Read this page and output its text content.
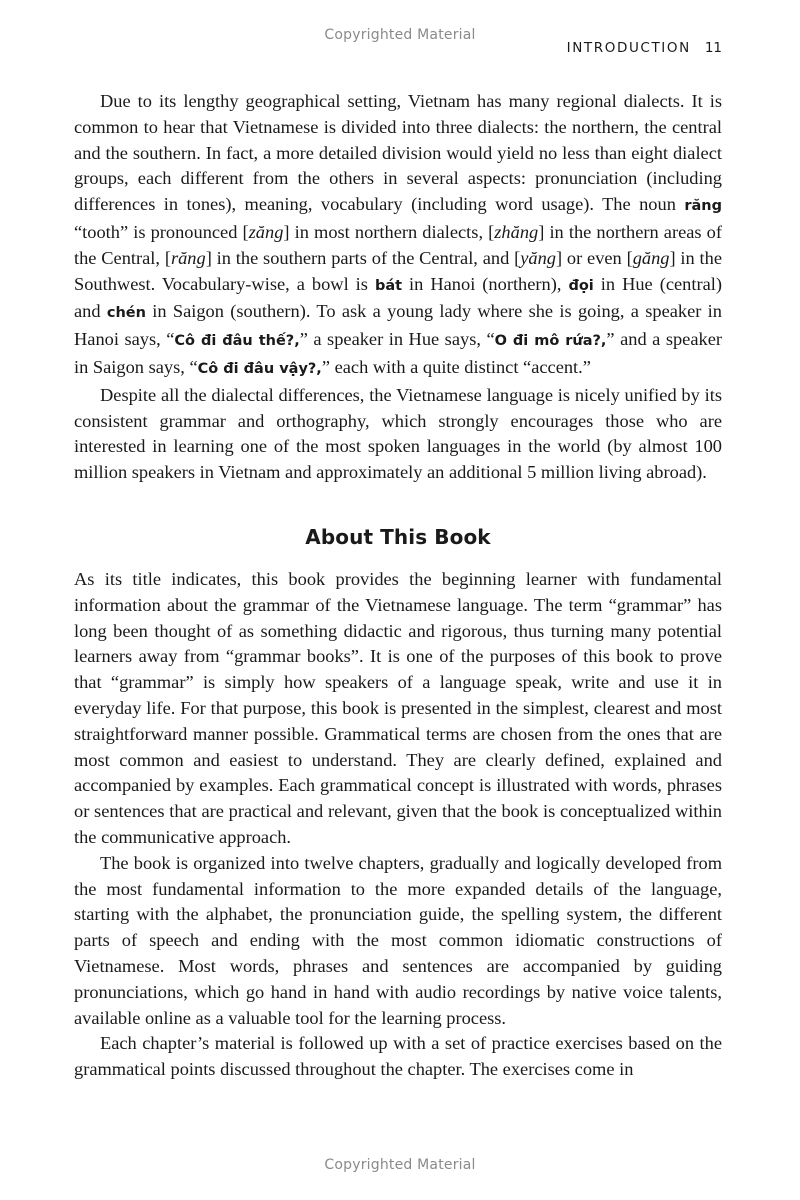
Copyrighted Material
INTRODUCTION 11

Due to its lengthy geographical setting, Vietnam has many regional dialects. It is common to hear that Vietnamese is divided into three dialects: the northern, the central and the southern. In fact, a more detailed division would yield no less than eight dialect groups, each different from the others in several aspects: pronunciation (including differences in tones), meaning, vocabulary (including word usage). The noun răng “tooth” is pronounced [zăng] in most northern dialects, [zhăng] in the northern areas of the Central, [răng] in the southern parts of the Central, and [yăng] or even [găng] in the Southwest. Vocabulary-wise, a bowl is bát in Hanoi (northern), đọi in Hue (central) and chén in Saigon (southern). To ask a young lady where she is going, a speaker in Hanoi says, “Cô đi đâu thế?,” a speaker in Hue says, “O đi mô rứa?,” and a speaker in Saigon says, “Cô đi đâu vậy?,” each with a quite distinct “accent.”

Despite all the dialectal differences, the Vietnamese language is nicely unified by its consistent grammar and orthography, which strongly encourages those who are interested in learning one of the most spoken languages in the world (by almost 100 million speakers in Vietnam and approximately an additional 5 million living abroad).

About This Book

As its title indicates, this book provides the beginning learner with fundamental information about the grammar of the Vietnamese language. The term “grammar” has long been thought of as something didactic and rigorous, thus turning many potential learners away from “grammar books”. It is one of the purposes of this book to prove that “grammar” is simply how speakers of a language speak, write and use it in everyday life. For that purpose, this book is presented in the simplest, clearest and most straightforward manner possible. Grammatical terms are chosen from the ones that are most common and easiest to understand. They are clearly defined, explained and accompanied by examples. Each grammatical concept is illustrated with words, phrases or sentences that are practical and relevant, given that the book is conceptualized within the communicative approach.

The book is organized into twelve chapters, gradually and logically developed from the most fundamental information to the more expanded details of the language, starting with the alphabet, the pronunciation guide, the spelling system, the different parts of speech and ending with the most common idiomatic constructions of Vietnamese. Most words, phrases and sentences are accompanied by guiding pronunciations, which go hand in hand with audio recordings by native voice talents, available online as a valuable tool for the learning process.

Each chapter’s material is followed up with a set of practice exercises based on the grammatical points discussed throughout the chapter. The exercises come in

Copyrighted Material
